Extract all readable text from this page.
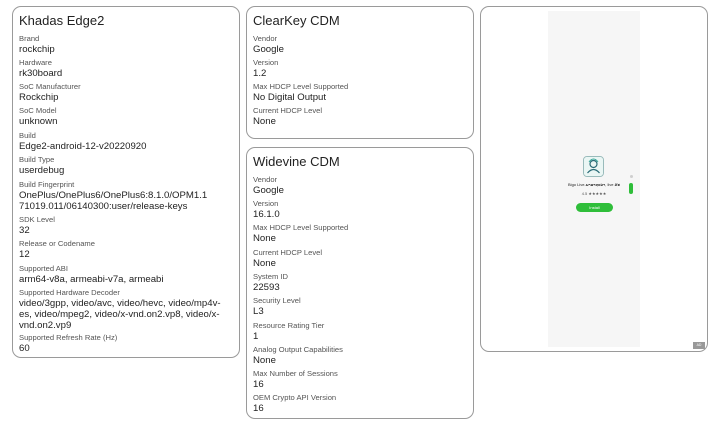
Khadas Edge2
Brand
rockchip
Hardware
rk30board
SoC Manufacturer
Rockchip
SoC Model
unknown
Build
Edge2-android-12-v20220920
Build Type
userdebug
Build Fingerprint
OnePlus/OnePlus6/OnePlus6:8.1.0/OPM1.171019.011/06140300:user/release-keys
SDK Level
32
Release or Codename
12
Supported ABI
arm64-v8a, armeabi-v7a, armeabi
Supported Hardware Decoder
video/3gpp, video/avc, video/hevc, video/mp4v-es, video/mpeg2, video/x-vnd.on2.vp8, video/x-vnd.on2.vp9
Supported Refresh Rate (Hz)
60
ClearKey CDM
Vendor
Google
Version
1.2
Max HDCP Level Supported
No Digital Output
Current HDCP Level
None
Widevine CDM
Vendor
Google
Version
16.1.0
Max HDCP Level Supported
None
Current HDCP Level
None
System ID
22593
Security Level
L3
Resource Rating Tier
1
Analog Output Capabilities
None
Max Number of Sessions
16
OEM Crypto API Version
16
Bigo Live-ພາລາທະວ່າ, live ສະ
4.5 ★★★★★
Install
AD
